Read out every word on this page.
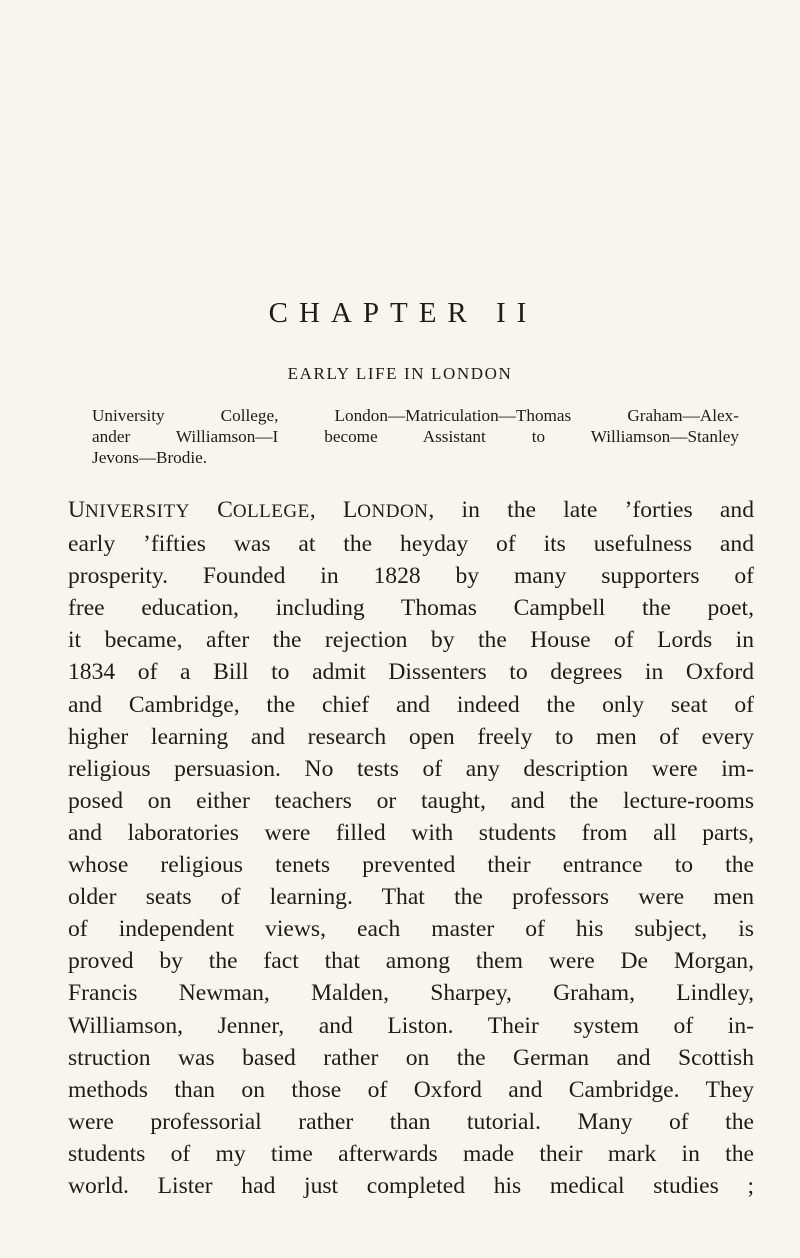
CHAPTER II
EARLY LIFE IN LONDON
University College, London—Matriculation—Thomas Graham—Alex-
ander Williamson—I become Assistant to Williamson—Stanley
Jevons—Brodie.
UNIVERSITY COLLEGE, LONDON, in the late ’forties and
early ’fifties was at the heyday of its usefulness and
prosperity. Founded in 1828 by many supporters of
free education, including Thomas Campbell the poet,
it became, after the rejection by the House of Lords in
1834 of a Bill to admit Dissenters to degrees in Oxford
and Cambridge, the chief and indeed the only seat of
higher learning and research open freely to men of every
religious persuasion. No tests of any description were im-
posed on either teachers or taught, and the lecture-rooms
and laboratories were filled with students from all parts,
whose religious tenets prevented their entrance to the
older seats of learning. That the professors were men
of independent views, each master of his subject, is
proved by the fact that among them were De Morgan,
Francis Newman, Malden, Sharpey, Graham, Lindley,
Williamson, Jenner, and Liston. Their system of in-
struction was based rather on the German and Scottish
methods than on those of Oxford and Cambridge. They
were professorial rather than tutorial. Many of the
students of my time afterwards made their mark in the
world. Lister had just completed his medical studies ;
